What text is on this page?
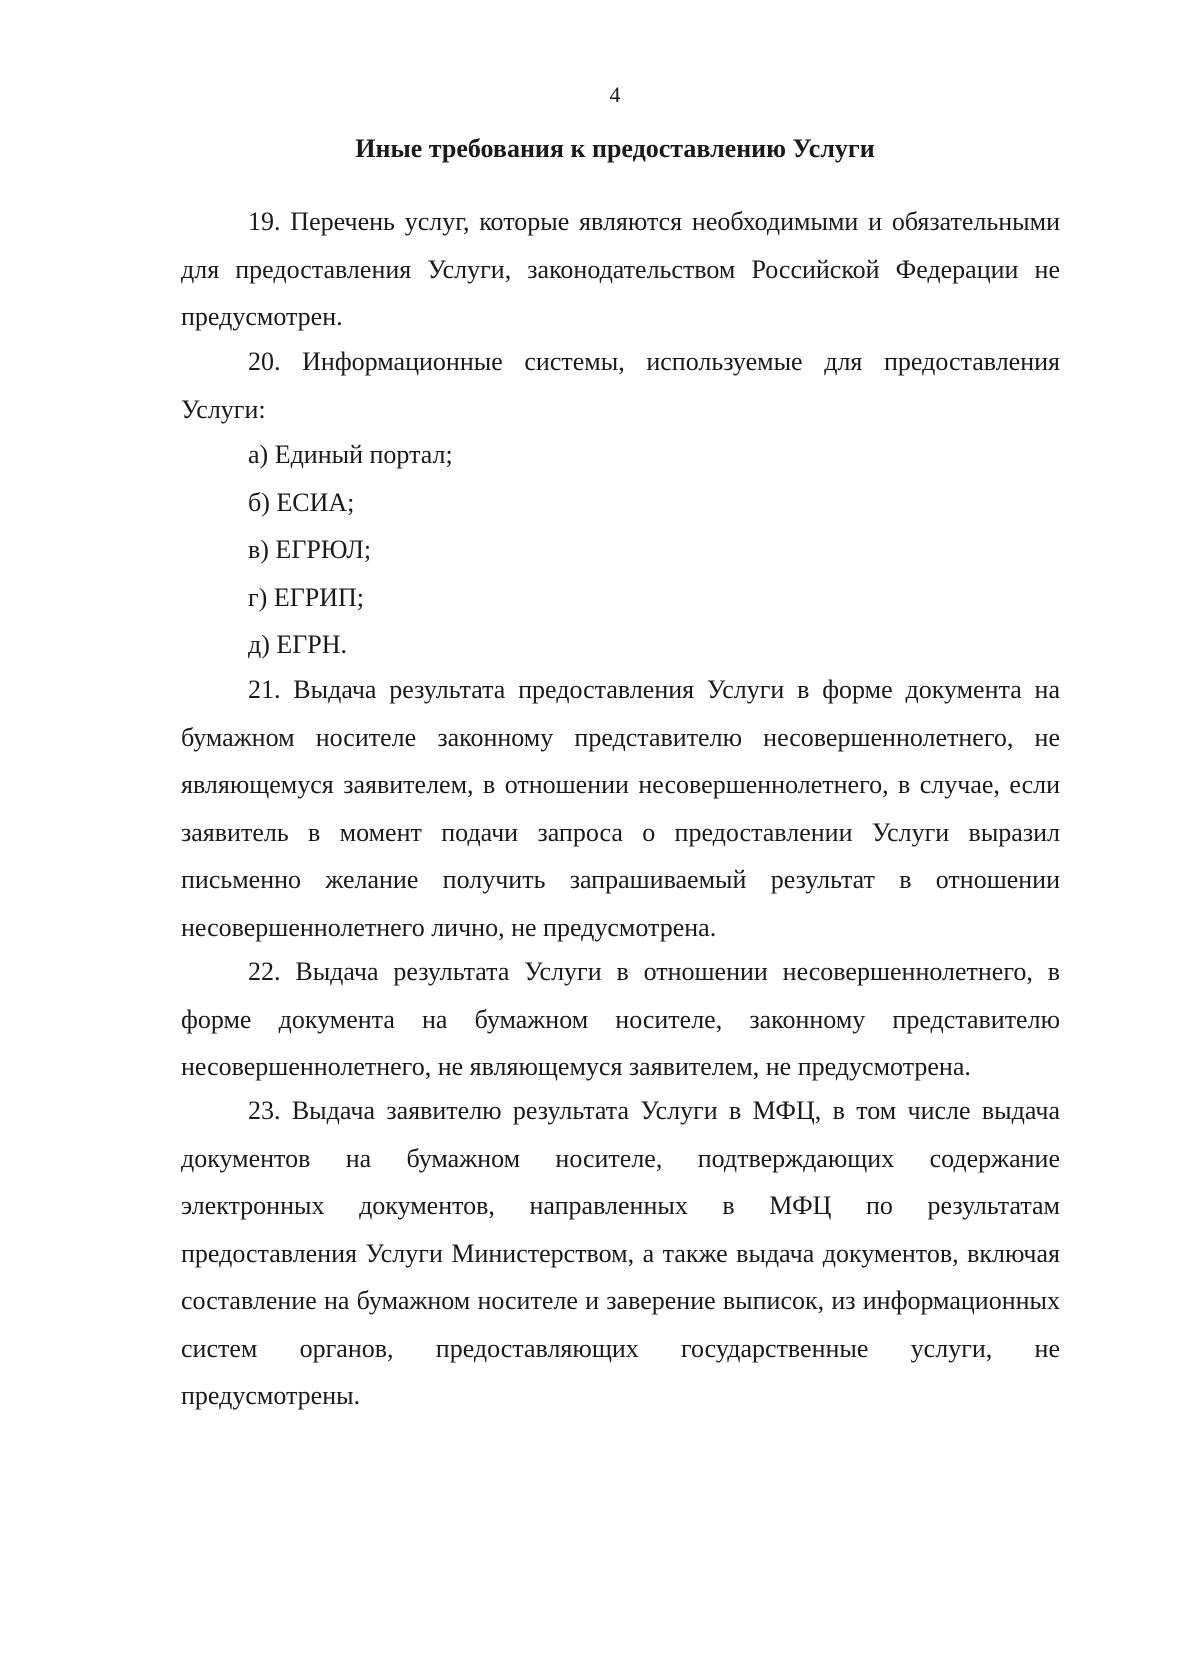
4
Иные требования к предоставлению Услуги

19. Перечень услуг, которые являются необходимыми и обязательными для предоставления Услуги, законодательством Российской Федерации не предусмотрен.

20. Информационные системы, используемые для предоставления Услуги:

а) Единый портал;

б) ЕСИА;

в) ЕГРЮЛ;

г) ЕГРИП;

д) ЕГРН.

21. Выдача результата предоставления Услуги в форме документа на бумажном носителе законному представителю несовершеннолетнего, не являющемуся заявителем, в отношении несовершеннолетнего, в случае, если заявитель в момент подачи запроса о предоставлении Услуги выразил письменно желание получить запрашиваемый результат в отношении несовершеннолетнего лично, не предусмотрена.

22. Выдача результата Услуги в отношении несовершеннолетнего, в форме документа на бумажном носителе, законному представителю несовершеннолетнего, не являющемуся заявителем, не предусмотрена.

23. Выдача заявителю результата Услуги в МФЦ, в том числе выдача документов на бумажном носителе, подтверждающих содержание электронных документов, направленных в МФЦ по результатам предоставления Услуги Министерством, а также выдача документов, включая составление на бумажном носителе и заверение выписок, из информационных систем органов, предоставляющих государственные услуги, не предусмотрены.
